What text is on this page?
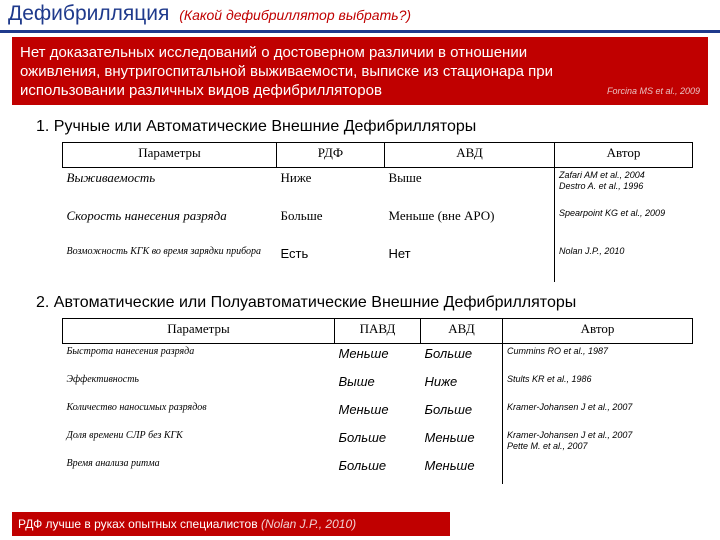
Дефибрилляция (Какой дефибриллятор выбрать?)
Нет доказательных исследований о достоверном различии в отношении
оживления, внутригоспитальной выживаемости, выписке из стационара при
использовании различных видов дефибрилляторов	Forcina MS et al., 2009
1. Ручные или Автоматические Внешние Дефибрилляторы
Параметры	РДФ	АВД	Автор
Выживаемость	Ниже	Выше	Zafari AM et al., 2004
Destro A. et al., 1996

Скорость нанесения разряда	Больше	Меньше (вне АРО)	Spearpoint KG et al., 2009

Возможность КГК во время зарядки прибора	Есть	Нет	Nolan J.P., 2010
2. Автоматические или Полуавтоматические Внешние Дефибрилляторы
Параметры	ПАВД	АВД	Автор
Быстрота нанесения разряда	Меньше	Больше	Cummins RO et al., 1987

Эффективность	Выше	Ниже	Stults KR et al., 1986

Количество наносимых разрядов	Меньше	Больше	Kramer-Johansen J et al., 2007

Доля времени СЛР без КГК	Больше	Меньше	Kramer-Johansen J et al., 2007
Pette M. et al., 2007

Время анализа ритма	Больше	Меньше	
РДФ лучше в руках опытных специалистов (Nolan J.P., 2010)
